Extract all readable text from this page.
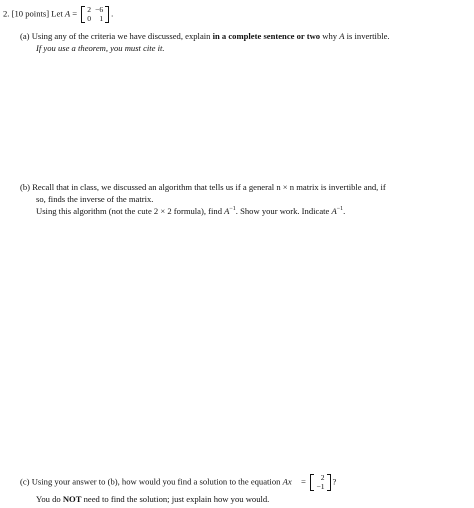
2. [10 points] Let A = 2	−6
0	1 .
(a) Using any of the criteria we have discussed, explain in a complete sentence or two why A is invertible.
If you use a theorem, you must cite it.
(b) Recall that in class, we discussed an algorithm that tells us if a general n × n matrix is invertible and, if
so, finds the inverse of the matrix.
Using this algorithm (not the cute 2 × 2 formula), find $A^{-1}$. Show your work. Indicate $A^{-1}$.
(c) Using your answer to (b), how would you find a solution to the equation Ax⃗ = 2
−1 ?
You do NOT need to find the solution; just explain how you would.
